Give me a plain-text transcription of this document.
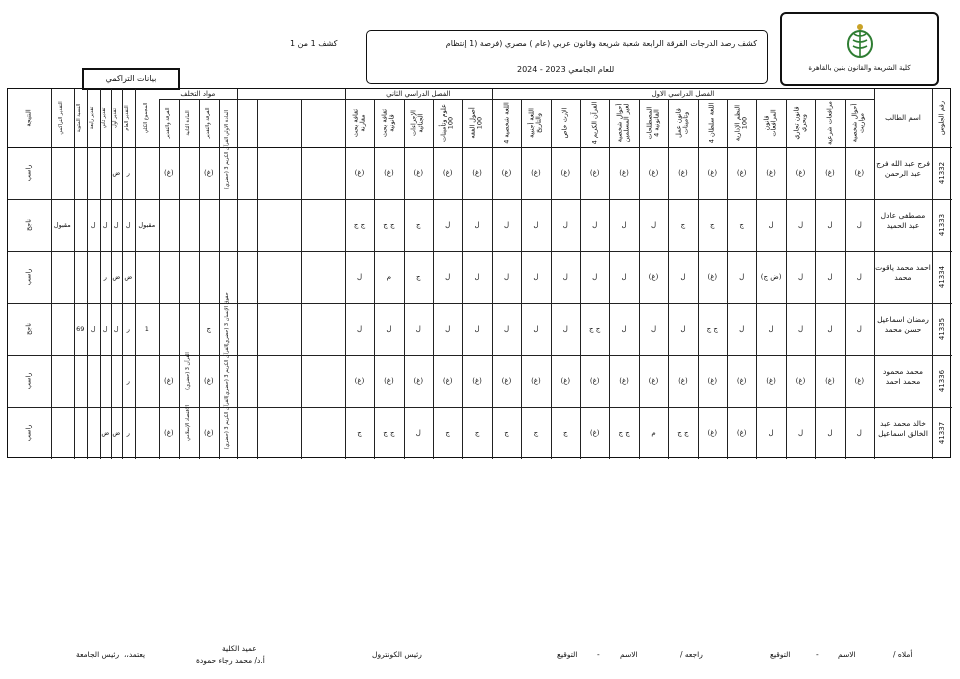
كلية الشريعة والقانون بنين بالقاهرة
كشف رصد الدرجات الفرقة الرابعة شعبة شريعة وقانون عربي (عام ) مصري (فرصة (1 إنتظام
للعام الجامعي 2023 - 2024
كشف 1 من 1
بيانات التراكمي
رقم الجلوس
اسم الطالب
الفصل الدراسي الاول
الفصل الدراسي الثاني
مواد التخلف
أحوال شخصية مواريث
مرافعات شرعية
قانون تجاري وبحري
قانون المرافعات
النظم الإدارية 100
اللغة سلطان 4
قانون عمل وتأمينات
المصطلحات القانونية 4
أحوال شخصية لغير المسلمين
القرآن الكريم 4
الإرث خاص
اللغة أجنبية والتاريخ
اللغة شخصية 4
أصول الفقه 100
علوم وتأمينات 100
الإجراءات الجنائية
ثقافة بحث قانونية
ثقافة بحث مقارنة
المادة الاولي
الفرقة والتقدير
المادة الثانية
الفرقة والتقدير
المجموع الكلي
التقدير العام
تقدير اول
تقدير ثاني
تقدير رابعة
النسبة المئوية
التقدير التراكمي
النتيجة
41332
فرج عبد الله فرج عبد الرحمن
(غ)
(غ)
(غ)
(غ)
(غ)
(غ)
(غ)
(غ)
(غ)
(غ)
(غ)
(غ)
(غ)
(غ)
(غ)
(غ)
(غ)
(غ)
القرآن الكريم 3 (حضري)
(غ)
(غ)
ر
ض
راسب
41333
مصطفى عادل عبد الحميد
ل
ل
ل
ل
ج
ج
ج
ل
ل
ل
ل
ل
ل
ل
ل
ج
ج ج
ج ج
مقبول
ل
ل
ل
ل
مقبول
ناجح
41334
احمد محمد ياقوت محمد
ل
ل
ل
(ض ج)
ل
(غ)
ل
(غ)
ل
ل
ل
ل
ل
ل
ل
ج
م
ل
ض
ض
ر
راسب
41335
رمضان اسماعيل حسن محمد
ل
ل
ل
ل
ل
ج ج
ل
ل
ل
ج ج
ل
ل
ل
ل
ل
ل
ل
ل
حقوق الإنسان 3 (حضري)
ج
1
ر
ل
ل
ل
69
ناجح
41336
محمد محمود محمد احمد
(غ)
(غ)
(غ)
(غ)
(غ)
(غ)
(غ)
(غ)
(غ)
(غ)
(غ)
(غ)
(غ)
(غ)
(غ)
(غ)
(غ)
(غ)
القرآن الكريم 3 (حضري)
(غ)
القرآن 3 (حضري)
(غ)
ر
راسب
41337
خالد محمد عبد الخالق اسماعيل
ل
ل
ل
ل
(غ)
(غ)
ج ج
م
ج ج
(غ)
ج
ج
ج
ج
ج
ل
ج ج
ج
القرآن الكريم 3 (حضري)
(غ)
الاقتصاد الإسلامي
(غ)
ر
ض
ض
راسب
أملاه /
الاسم
-
التوقيع
راجعه /
الاسم
-
التوقيع
رئيس الكونترول
عميد الكلية
أ.د/ محمد رجاء حمودة
يعتمد،،
رئيس الجامعة
